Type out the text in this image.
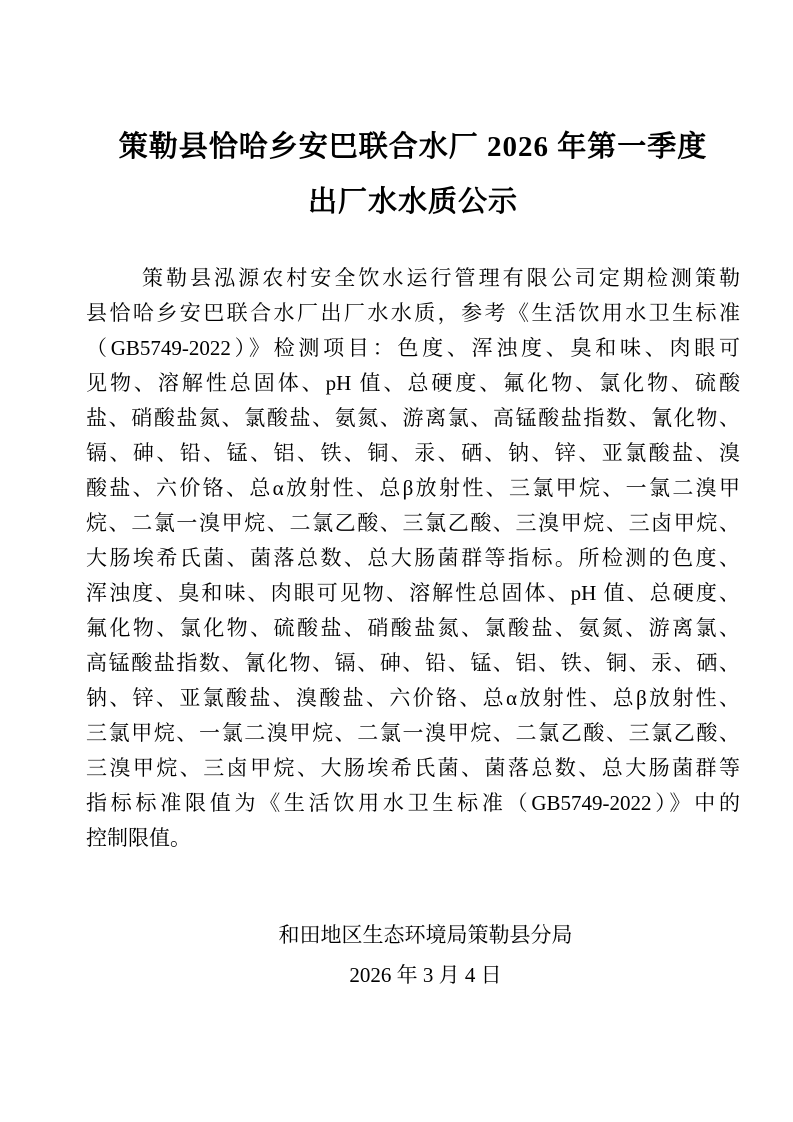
策勒县恰哈乡安巴联合水厂 2026 年第一季度
出厂水水质公示
策勒县泓源农村安全饮水运行管理有限公司定期检测策勒
县恰哈乡安巴联合水厂出厂水水质，参考《生活饮用水卫生标准
（GB5749-2022）》检测项目：色度、浑浊度、臭和味、肉眼可
见物、溶解性总固体、pH 值、总硬度、氟化物、氯化物、硫酸
盐、硝酸盐氮、氯酸盐、氨氮、游离氯、高锰酸盐指数、氰化物、
镉、砷、铅、锰、铝、铁、铜、汞、硒、钠、锌、亚氯酸盐、溴
酸盐、六价铬、总α放射性、总β放射性、三氯甲烷、一氯二溴甲
烷、二氯一溴甲烷、二氯乙酸、三氯乙酸、三溴甲烷、三卤甲烷、
大肠埃希氏菌、菌落总数、总大肠菌群等指标。所检测的色度、
浑浊度、臭和味、肉眼可见物、溶解性总固体、pH 值、总硬度、
氟化物、氯化物、硫酸盐、硝酸盐氮、氯酸盐、氨氮、游离氯、
高锰酸盐指数、氰化物、镉、砷、铅、锰、铝、铁、铜、汞、硒、
钠、锌、亚氯酸盐、溴酸盐、六价铬、总α放射性、总β放射性、
三氯甲烷、一氯二溴甲烷、二氯一溴甲烷、二氯乙酸、三氯乙酸、
三溴甲烷、三卤甲烷、大肠埃希氏菌、菌落总数、总大肠菌群等
指标标准限值为《生活饮用水卫生标准（GB5749-2022）》中的
控制限值。
和田地区生态环境局策勒县分局
2026 年 3 月 4 日
